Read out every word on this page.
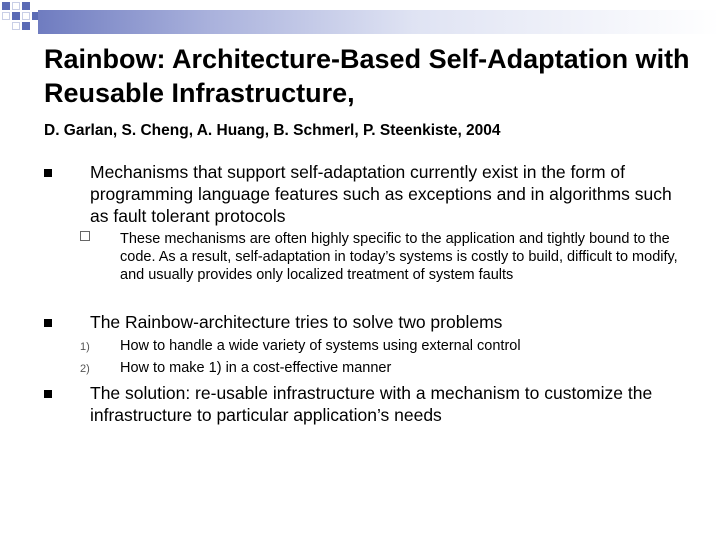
Rainbow: Architecture-Based Self-Adaptation with Reusable Infrastructure,
D. Garlan, S. Cheng, A. Huang, B. Schmerl, P. Steenkiste, 2004
Mechanisms that support self-adaptation currently exist in the form of programming language features such as exceptions and in algorithms such as fault tolerant protocols
These mechanisms are often highly specific to the application and tightly bound to the code. As a result, self-adaptation in today’s systems is costly to build, difficult to modify, and usually provides only localized treatment of system faults
The Rainbow-architecture tries to solve two problems
1) How to handle a wide variety of systems using external control
2) How to make 1) in a cost-effective manner
The solution: re-usable infrastructure with a mechanism to customize the infrastructure to particular application’s needs
